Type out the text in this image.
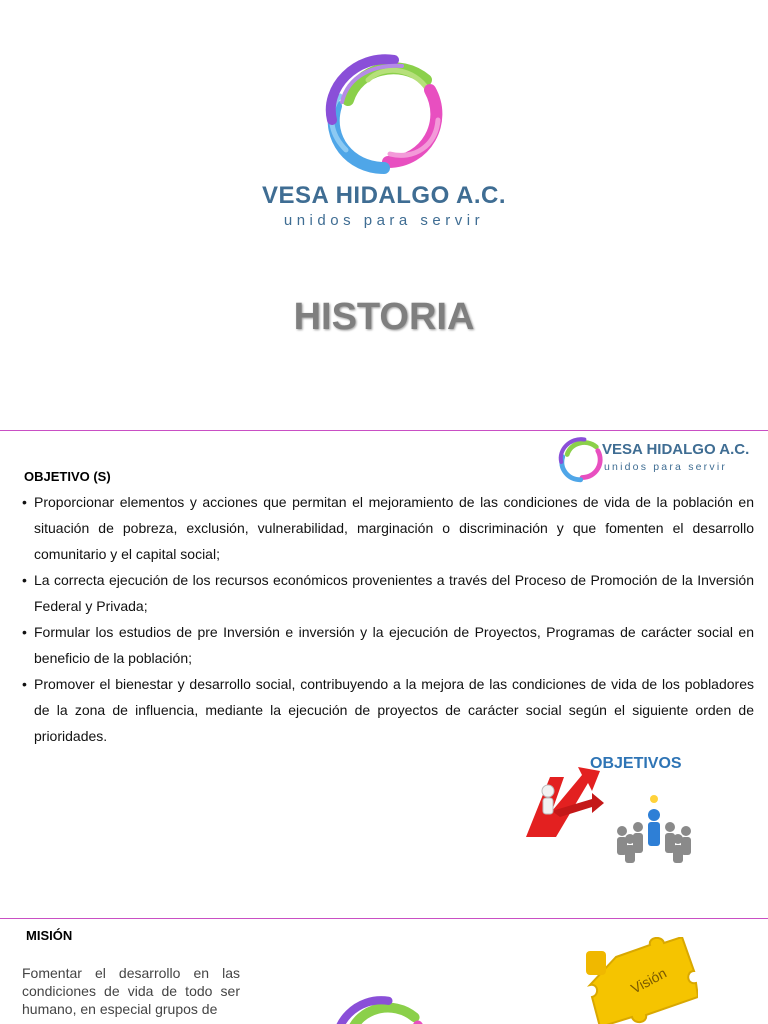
VESA HIDALGO A.C.
unidos para servir
HISTORIA
VESA HIDALGO A.C.
unidos para servir
OBJETIVO (S)
• Proporcionar elementos y acciones que permitan el mejoramiento de las condiciones de vida de la población en situación de pobreza, exclusión, vulnerabilidad, marginación o discriminación y que fomenten el desarrollo comunitario y el capital social;
• La correcta ejecución de los recursos económicos provenientes a través del Proceso de Promoción de la Inversión Federal y Privada;
• Formular los estudios de pre Inversión e inversión y la ejecución de Proyectos, Programas de carácter social en beneficio de la población;
• Promover el bienestar y desarrollo social, contribuyendo a la mejora de las condiciones de vida de los pobladores de la zona de influencia, mediante la ejecución de proyectos de carácter social según el siguiente orden de prioridades.
OBJETIVOS
MISIÓN

Fomentar el desarrollo en las condiciones de vida de todo ser humano, en especial grupos de

Visión
